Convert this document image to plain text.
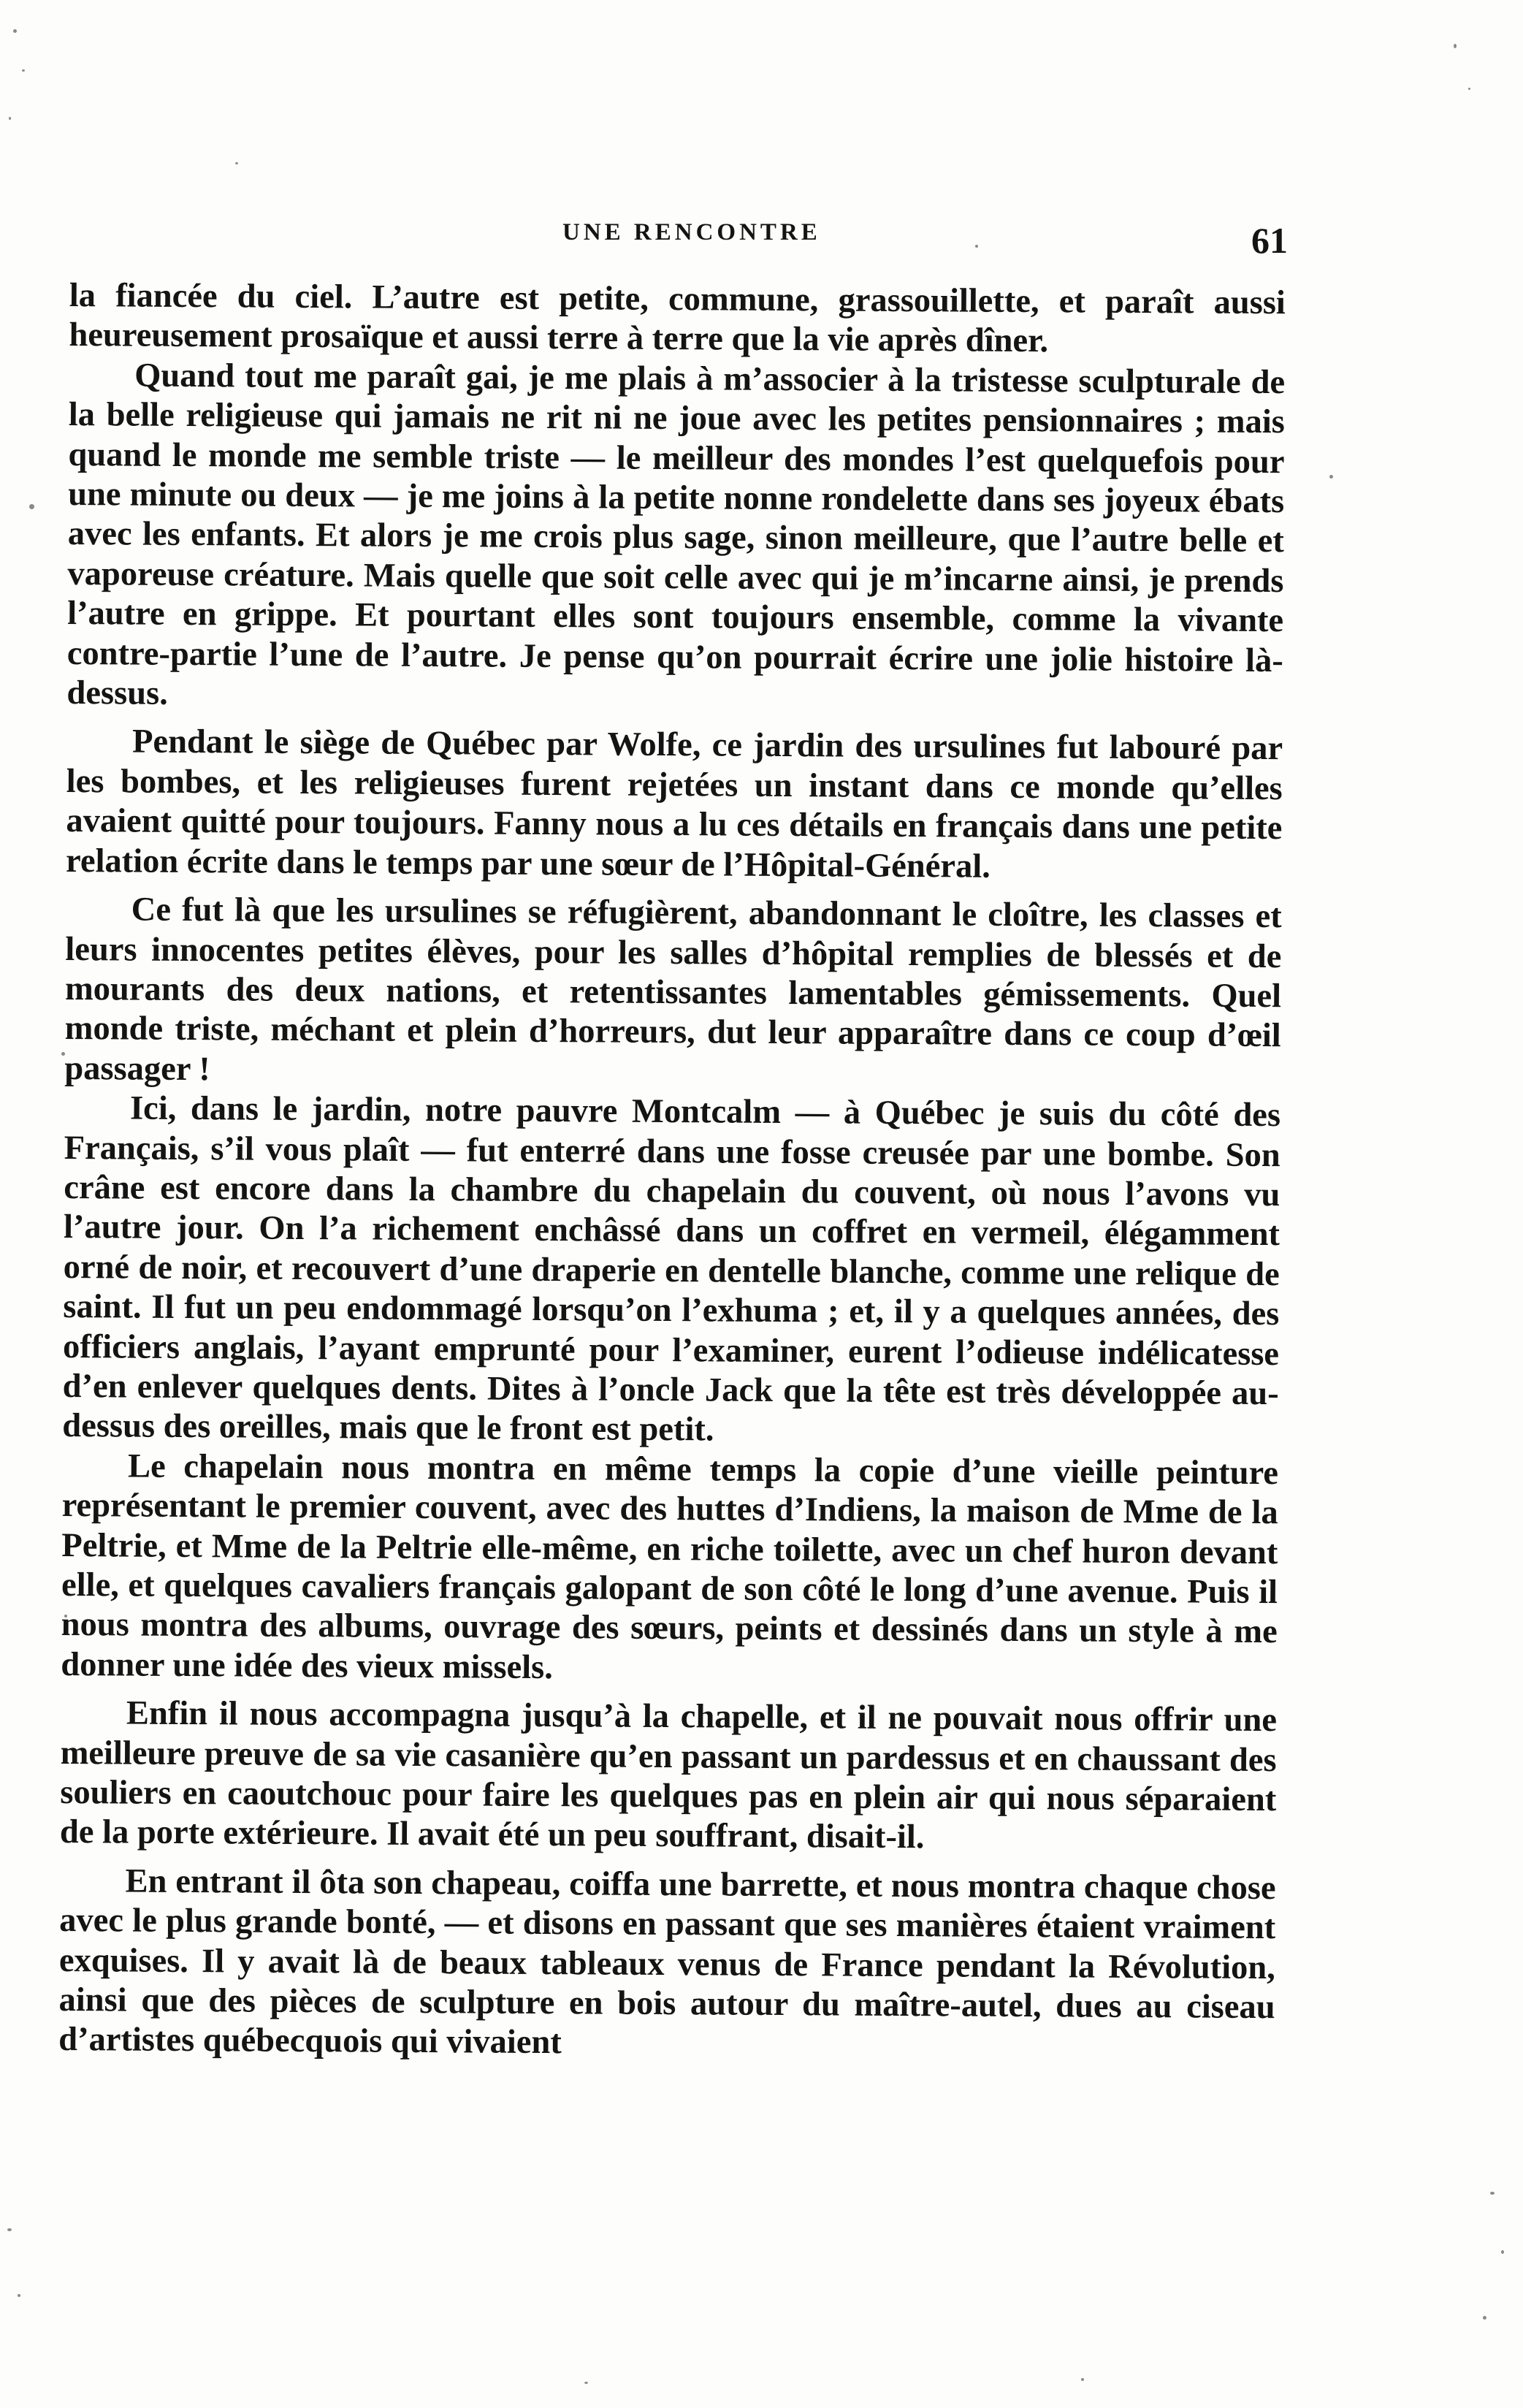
UNE RENCONTRE	61

la fiancée du ciel. L’autre est petite, commune, grassouillette, et paraît aussi heureusement prosaïque et aussi terre à terre que la vie après dîner.

Quand tout me paraît gai, je me plais à m’associer à la tristesse sculpturale de la belle religieuse qui jamais ne rit ni ne joue avec les petites pensionnaires ; mais quand le monde me semble triste — le meilleur des mondes l’est quelquefois pour une minute ou deux — je me joins à la petite nonne rondelette dans ses joyeux ébats avec les enfants. Et alors je me crois plus sage, sinon meilleure, que l’autre belle et vaporeuse créature. Mais quelle que soit celle avec qui je m’incarne ainsi, je prends l’autre en grippe. Et pourtant elles sont toujours ensemble, comme la vivante contre-partie l’une de l’autre. Je pense qu’on pourrait écrire une jolie histoire là-dessus.

Pendant le siège de Québec par Wolfe, ce jardin des ursulines fut labouré par les bombes, et les religieuses furent rejetées un instant dans ce monde qu’elles avaient quitté pour toujours. Fanny nous a lu ces détails en français dans une petite relation écrite dans le temps par une sœur de l’Hôpital-Général.

Ce fut là que les ursulines se réfugièrent, abandonnant le cloître, les classes et leurs innocentes petites élèves, pour les salles d’hôpital remplies de blessés et de mourants des deux nations, et retentissantes lamentables gémissements. Quel monde triste, méchant et plein d’horreurs, dut leur apparaître dans ce coup d’œil passager !

Ici, dans le jardin, notre pauvre Montcalm — à Québec je suis du côté des Français, s’il vous plaît — fut enterré dans une fosse creusée par une bombe. Son crâne est encore dans la chambre du chapelain du couvent, où nous l’avons vu l’autre jour. On l’a richement enchâssé dans un coffret en vermeil, élégamment orné de noir, et recouvert d’une draperie en dentelle blanche, comme une relique de saint. Il fut un peu endommagé lorsqu’on l’exhuma ; et, il y a quelques années, des officiers anglais, l’ayant emprunté pour l’examiner, eurent l’odieuse indélicatesse d’en enlever quelques dents. Dites à l’oncle Jack que la tête est très développée au-dessus des oreilles, mais que le front est petit.

Le chapelain nous montra en même temps la copie d’une vieille peinture représentant le premier couvent, avec des huttes d’Indiens, la maison de Mme de la Peltrie, et Mme de la Peltrie elle-même, en riche toilette, avec un chef huron devant elle, et quelques cavaliers français galopant de son côté le long d’une avenue. Puis il nous montra des albums, ouvrage des sœurs, peints et dessinés dans un style à me donner une idée des vieux missels.

Enfin il nous accompagna jusqu’à la chapelle, et il ne pouvait nous offrir une meilleure preuve de sa vie casanière qu’en passant un pardessus et en chaussant des souliers en caoutchouc pour faire les quelques pas en plein air qui nous séparaient de la porte extérieure. Il avait été un peu souffrant, disait-il.

En entrant il ôta son chapeau, coiffa une barrette, et nous montra chaque chose avec le plus grande bonté, — et disons en passant que ses manières étaient vraiment exquises. Il y avait là de beaux tableaux venus de France pendant la Révolution, ainsi que des pièces de sculpture en bois autour du maître-autel, dues au ciseau d’artistes québecquois qui vivaient
